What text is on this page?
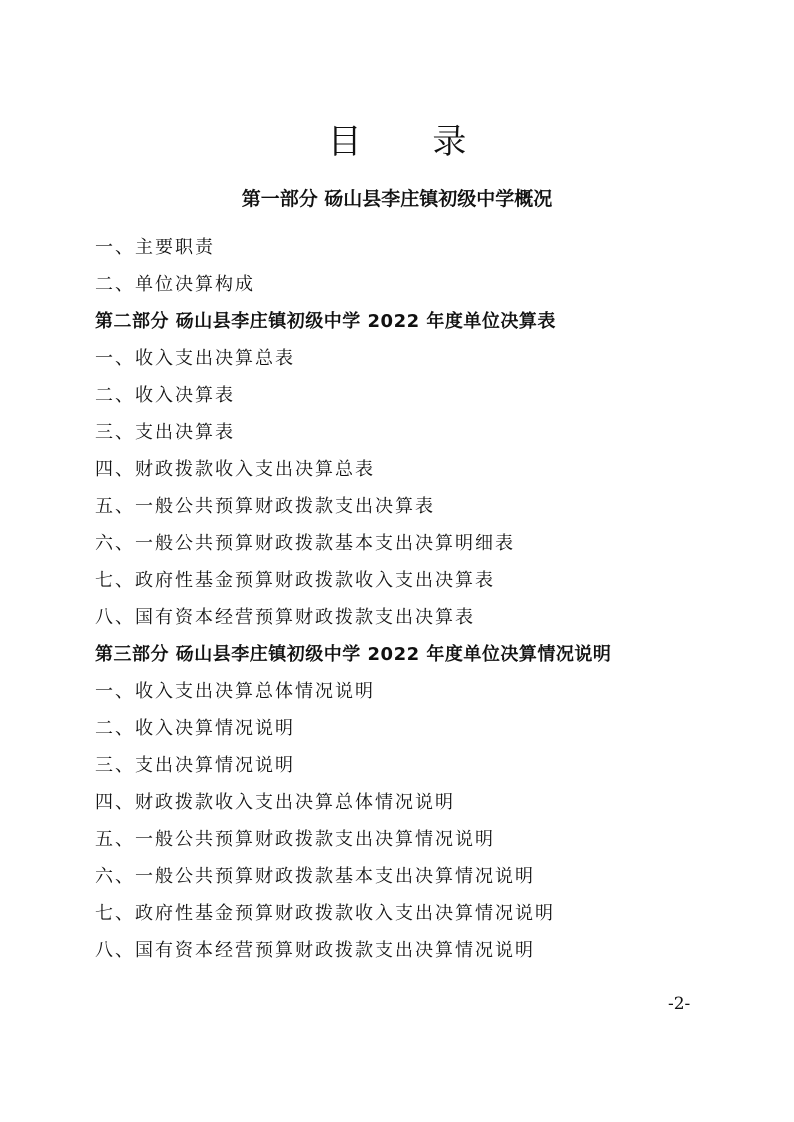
目 录
第一部分 砀山县李庄镇初级中学概况
一、主要职责
二、单位决算构成
第二部分 砀山县李庄镇初级中学 2022 年度单位决算表
一、收入支出决算总表
二、收入决算表
三、支出决算表
四、财政拨款收入支出决算总表
五、一般公共预算财政拨款支出决算表
六、一般公共预算财政拨款基本支出决算明细表
七、政府性基金预算财政拨款收入支出决算表
八、国有资本经营预算财政拨款支出决算表
第三部分 砀山县李庄镇初级中学 2022 年度单位决算情况说明
一、收入支出决算总体情况说明
二、收入决算情况说明
三、支出决算情况说明
四、财政拨款收入支出决算总体情况说明
五、一般公共预算财政拨款支出决算情况说明
六、一般公共预算财政拨款基本支出决算情况说明
七、政府性基金预算财政拨款收入支出决算情况说明
八、国有资本经营预算财政拨款支出决算情况说明
-2-
